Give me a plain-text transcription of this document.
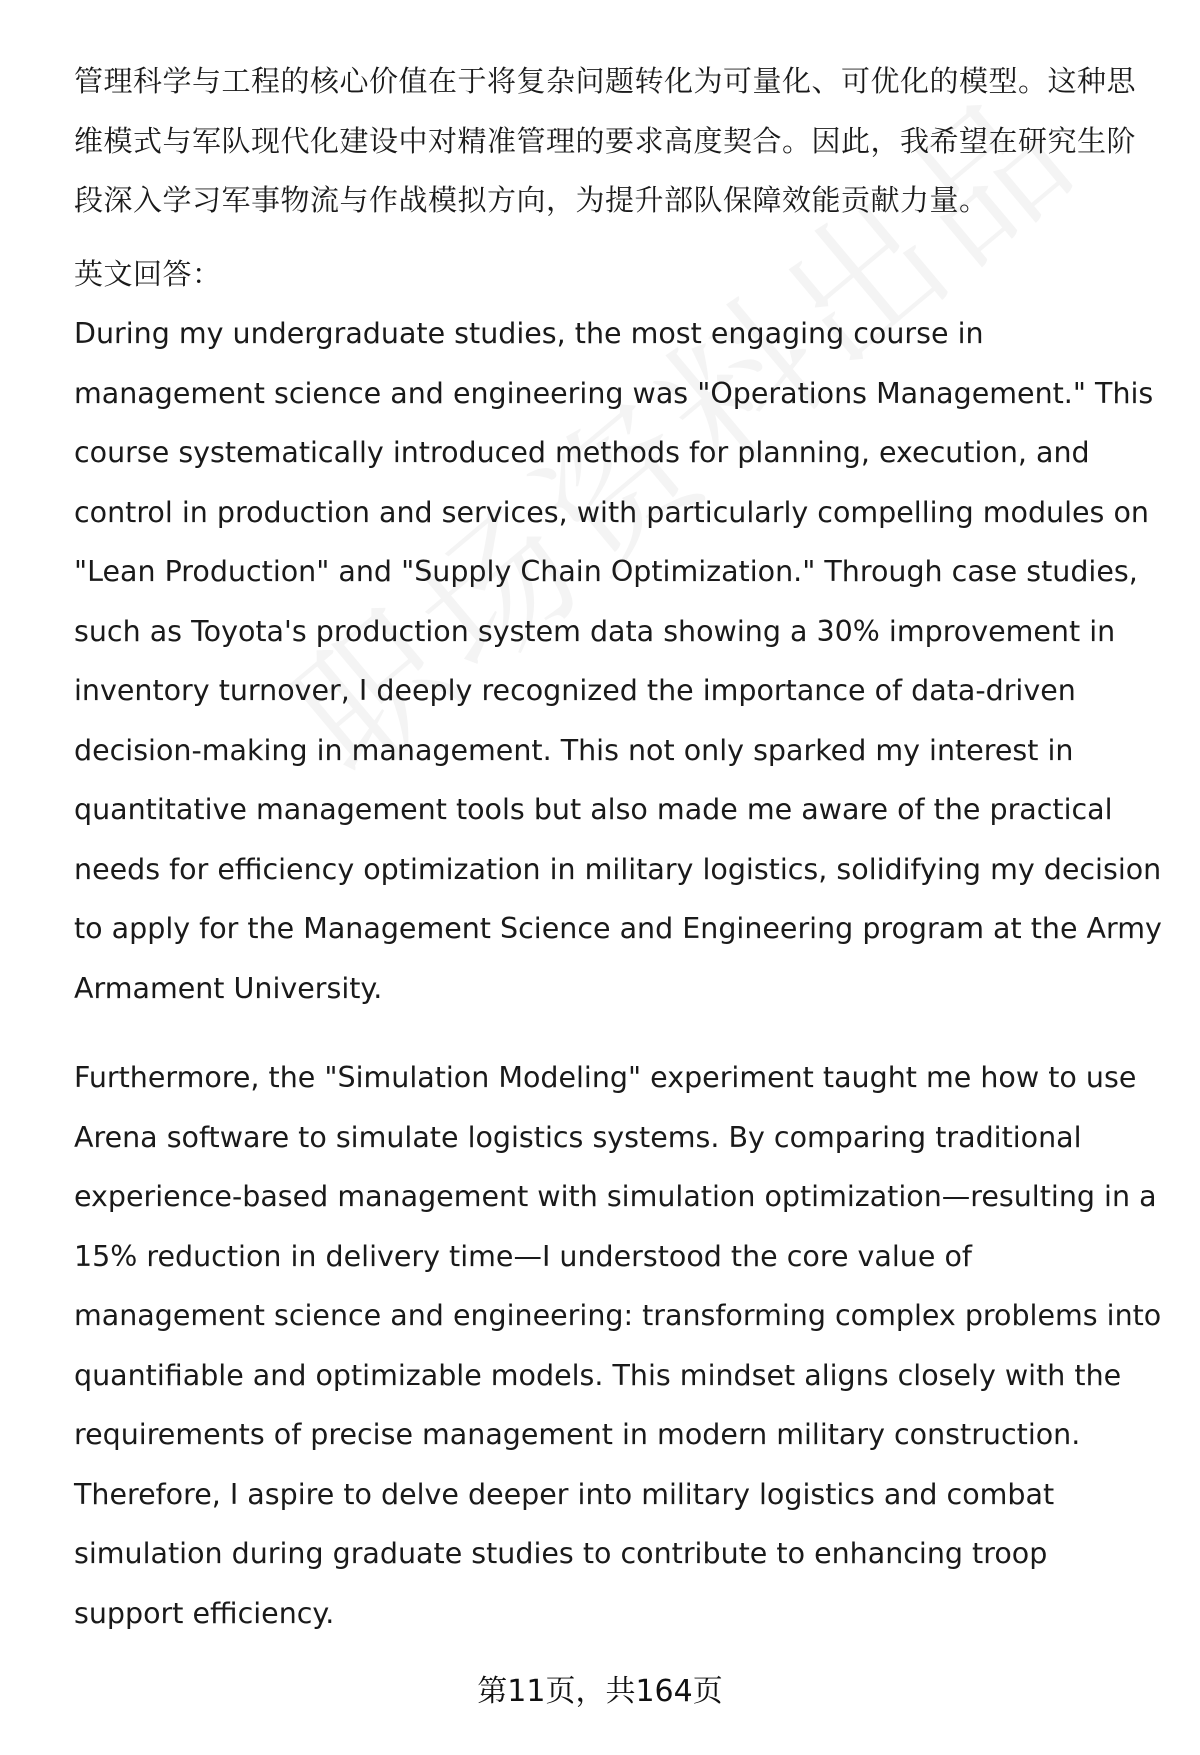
管理科学与工程的核心价值在于将复杂问题转化为可量化、可优化的模型。这种思维模式与军队现代化建设中对精准管理的要求高度契合。因此，我希望在研究生阶段深入学习军事物流与作战模拟方向，为提升部队保障效能贡献力量。

英文回答：

During my undergraduate studies, the most engaging course in management science and engineering was "Operations Management." This course systematically introduced methods for planning, execution, and control in production and services, with particularly compelling modules on "Lean Production" and "Supply Chain Optimization." Through case studies, such as Toyota's production system data showing a 30% improvement in inventory turnover, I deeply recognized the importance of data-driven decision-making in management. This not only sparked my interest in quantitative management tools but also made me aware of the practical needs for efficiency optimization in military logistics, solidifying my decision to apply for the Management Science and Engineering program at the Army Armament University.

Furthermore, the "Simulation Modeling" experiment taught me how to use Arena software to simulate logistics systems. By comparing traditional experience-based management with simulation optimization—resulting in a 15% reduction in delivery time—I understood the core value of management science and engineering: transforming complex problems into quantifiable and optimizable models. This mindset aligns closely with the requirements of precise management in modern military construction. Therefore, I aspire to delve deeper into military logistics and combat simulation during graduate studies to contribute to enhancing troop support efficiency.

第11页，共164页
